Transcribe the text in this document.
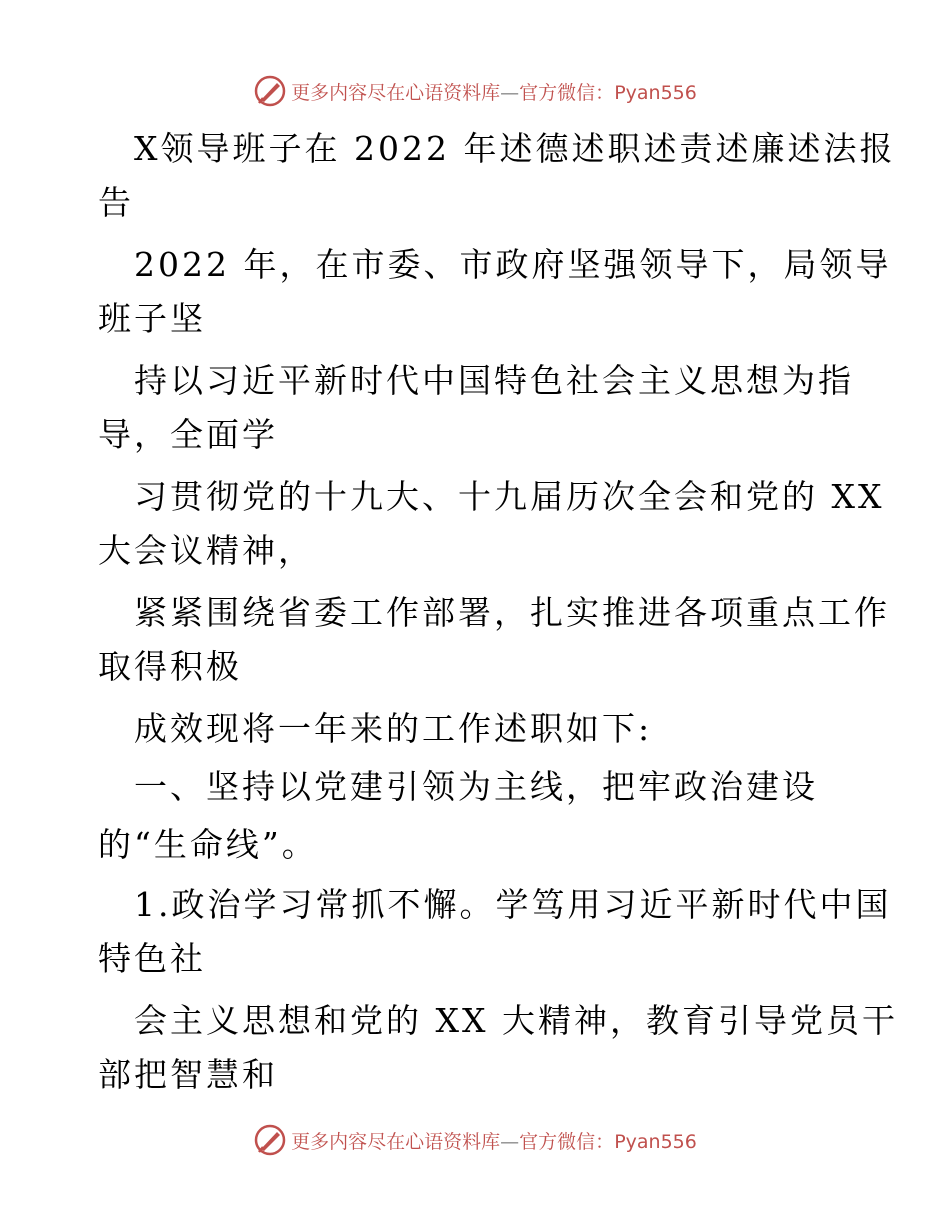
更多内容尽在心语资料库—官方微信：Pyan556
X领导班子在 2022 年述德述职述责述廉述法报
告
2022 年，在市委、市政府坚强领导下，局领导
班子坚
持以习近平新时代中国特色社会主义思想为指
导，全面学
习贯彻党的十九大、十九届历次全会和党的 XX
大会议精神，
紧紧围绕省委工作部署，扎实推进各项重点工作
取得积极
成效现将一年来的工作述职如下:
一、坚持以党建引领为主线，把牢政治建设
的“生命线”。
1.政治学习常抓不懈。学笃用习近平新时代中国
特色社
会主义思想和党的 XX 大精神，教育引导党员干
部把智慧和
更多内容尽在心语资料库—官方微信：Pyan556
